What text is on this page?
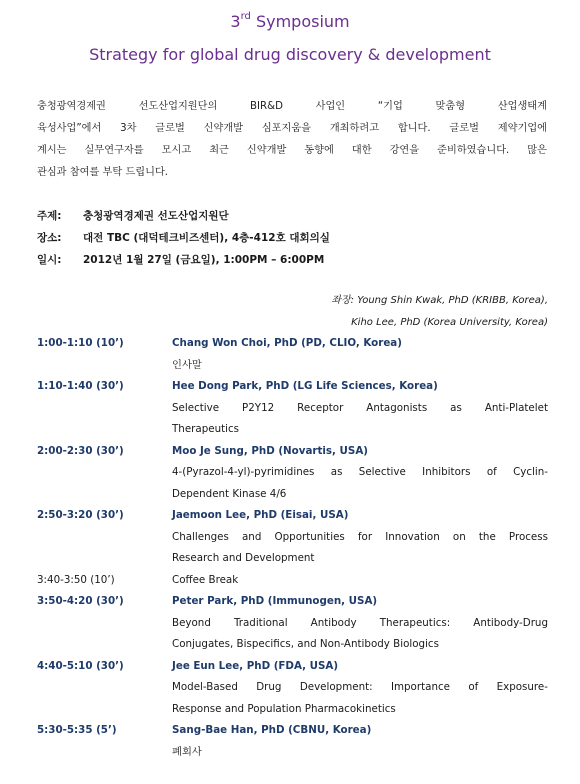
3rd Symposium
Strategy for global drug discovery & development
충청광역경제권 선도산업지원단의 BIR&D 사업인 “기업 맞춤형 산업생태계
육성사업”에서 3차 글로벌 신약개발 심포지움을 개최하려고 합니다. 글로벌 제약기업에
계시는 실무연구자를 모시고 최근 신약개발 동향에 대한 강연을 준비하였습니다. 많은
관심과 참여를 부탁 드립니다.
주제:	충청광역경제권 선도산업지원단
장소:	대전 TBC (대덕테크비즈센터), 4층-412호 대회의실
일시:	2012년 1월 27일 (금요일), 1:00PM – 6:00PM
좌장: Young Shin Kwak, PhD (KRIBB, Korea),
Kiho Lee, PhD (Korea University, Korea)
1:00-1:10 (10’)	Chang Won Choi, PhD (PD, CLIO, Korea)
인사말
1:10-1:40 (30’)	Hee Dong Park, PhD (LG Life Sciences, Korea)
Selective P2Y12 Receptor Antagonists as Anti-Platelet
Therapeutics
2:00-2:30 (30’)	Moo Je Sung, PhD (Novartis, USA)
4-(Pyrazol-4-yl)-pyrimidines as Selective Inhibitors of Cyclin-
Dependent Kinase 4/6
2:50-3:20 (30’)	Jaemoon Lee, PhD (Eisai, USA)
Challenges and Opportunities for Innovation on the Process
Research and Development
3:40-3:50 (10’)	Coffee Break
3:50-4:20 (30’)	Peter Park, PhD (Immunogen, USA)
Beyond Traditional Antibody Therapeutics: Antibody-Drug
Conjugates, Bispecifics, and Non-Antibody Biologics
4:40-5:10 (30’)	Jee Eun Lee, PhD (FDA, USA)
Model-Based Drug Development: Importance of Exposure-
Response and Population Pharmacokinetics
5:30-5:35 (5’)	Sang-Bae Han, PhD (CBNU, Korea)
폐회사
